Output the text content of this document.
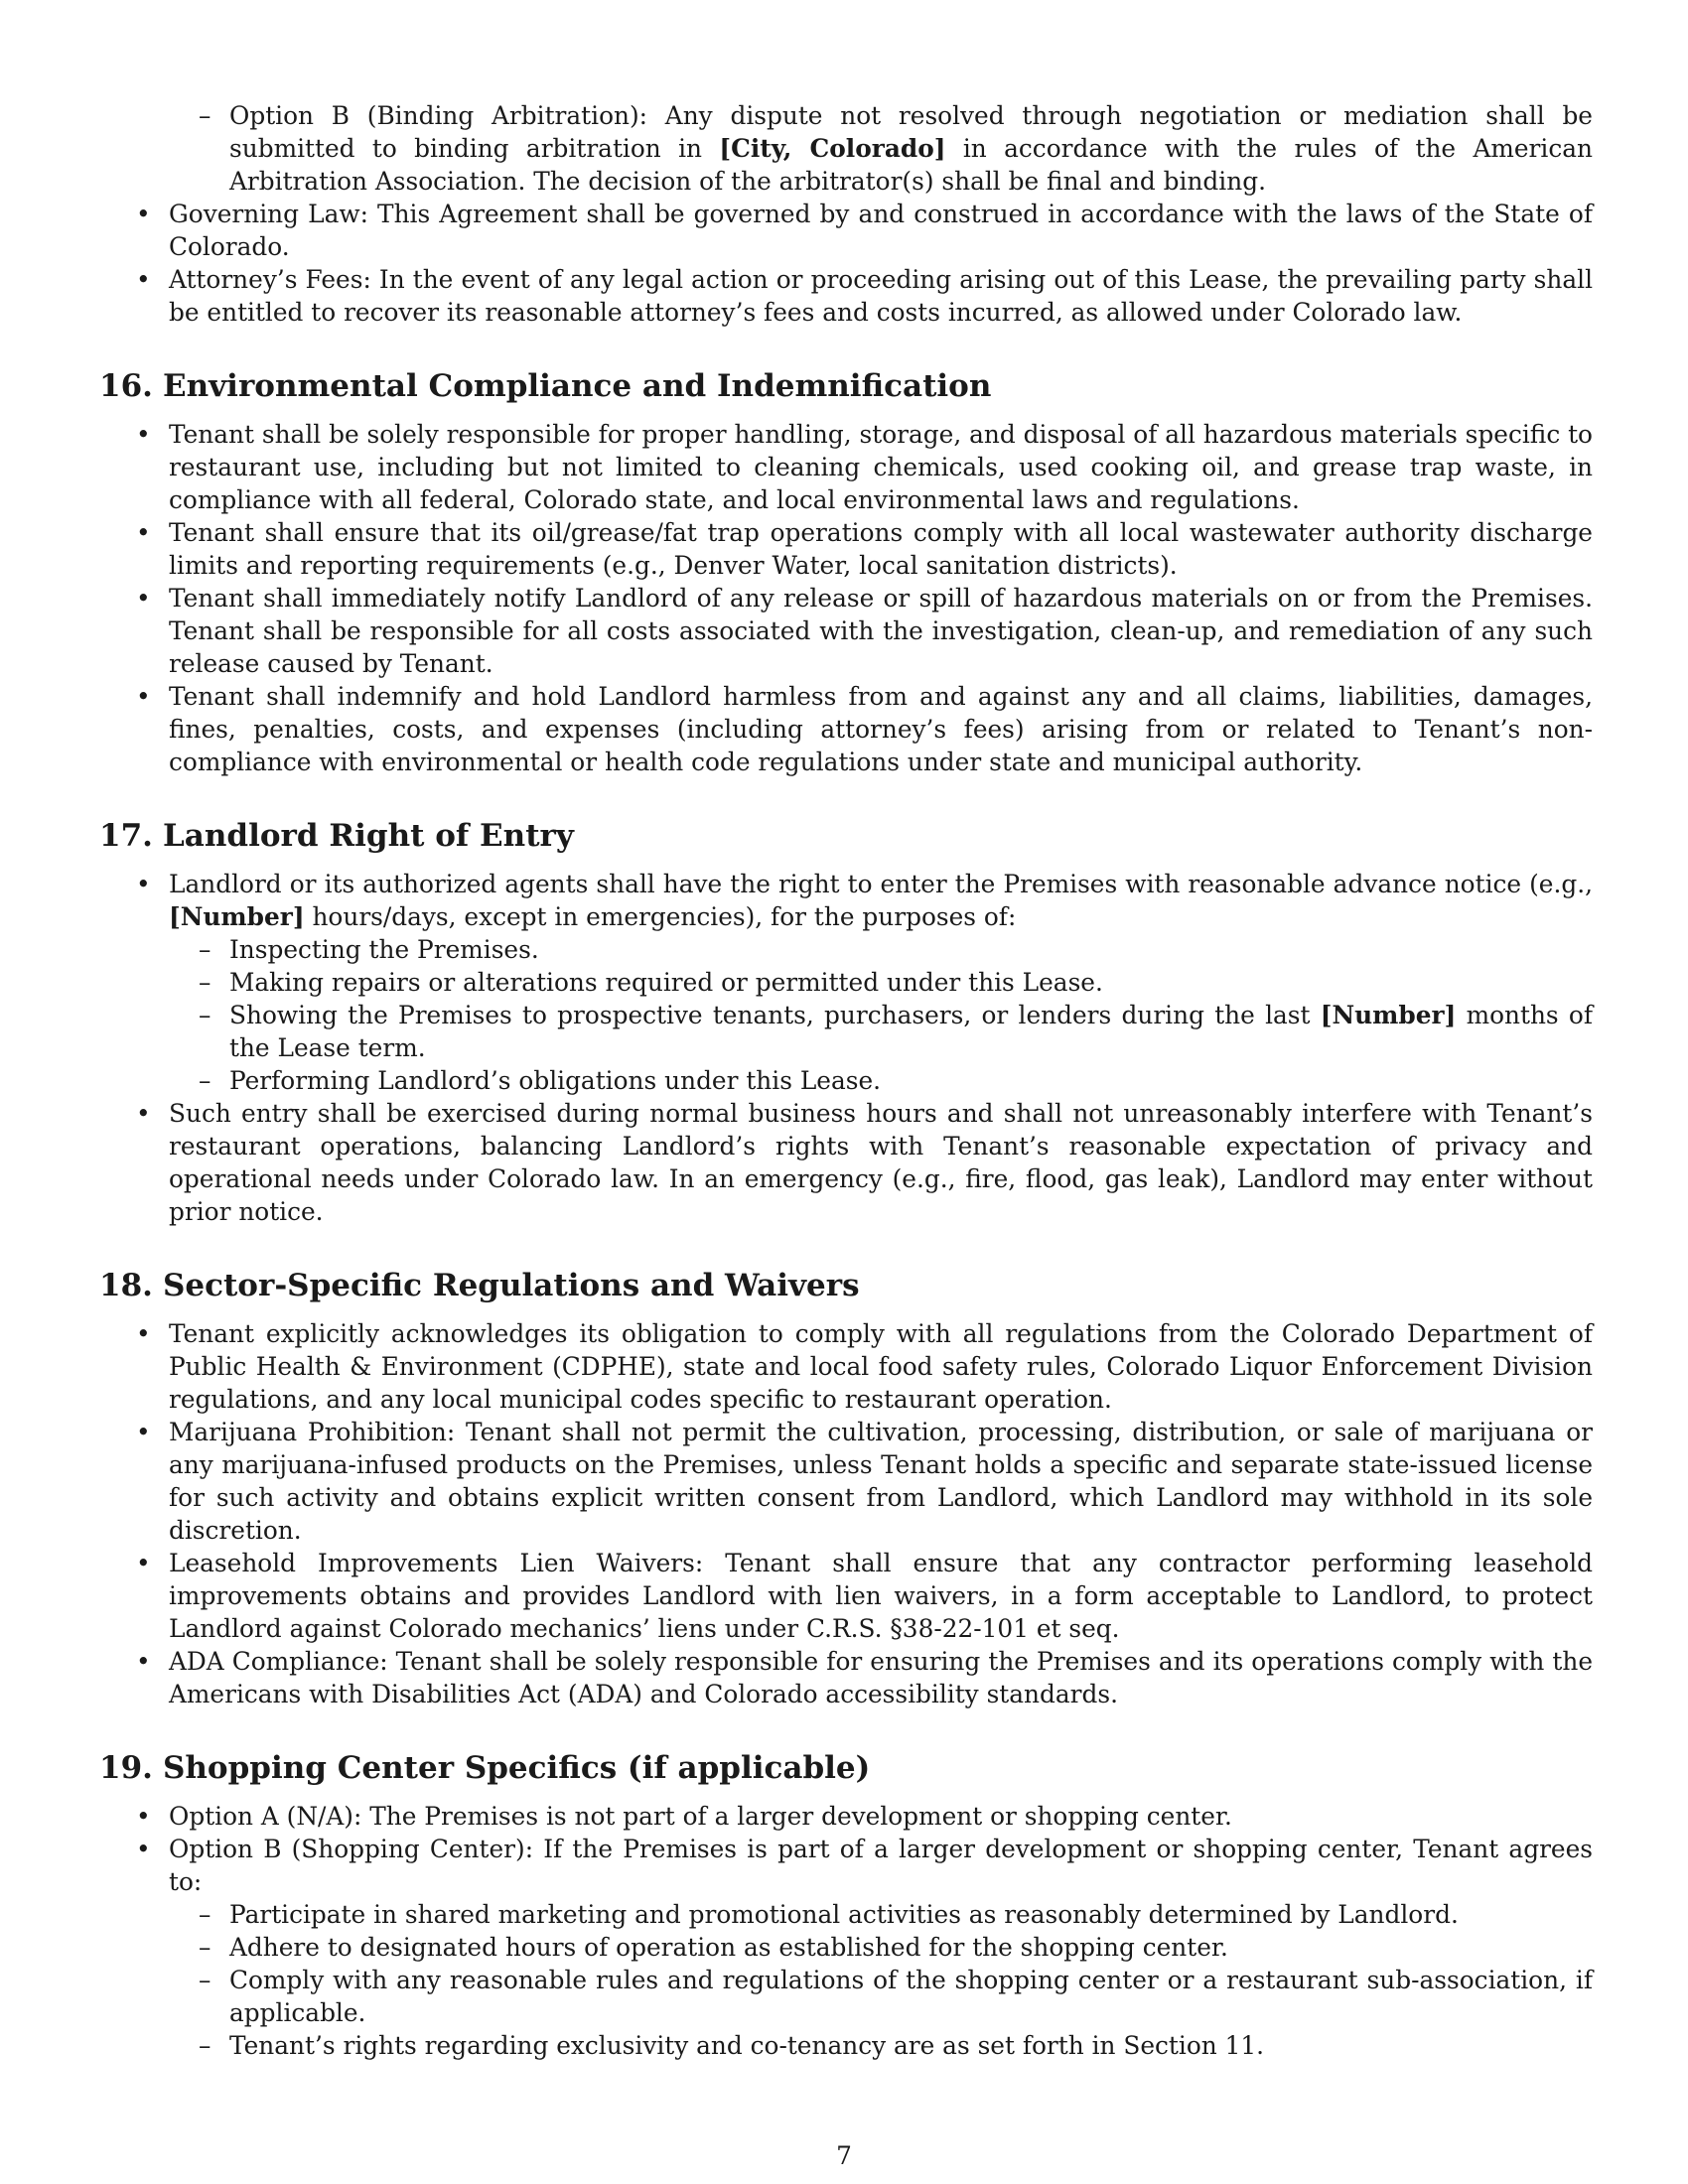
– Option B (Binding Arbitration): Any dispute not resolved through negotiation or mediation shall be submitted to binding arbitration in [City, Colorado] in accordance with the rules of the American Arbitration Association. The decision of the arbitrator(s) shall be final and binding.
• Governing Law: This Agreement shall be governed by and construed in accordance with the laws of the State of Colorado.
• Attorney’s Fees: In the event of any legal action or proceeding arising out of this Lease, the prevailing party shall be entitled to recover its reasonable attorney’s fees and costs incurred, as allowed under Colorado law.
16. Environmental Compliance and Indemnification
• Tenant shall be solely responsible for proper handling, storage, and disposal of all hazardous materials specific to restaurant use, including but not limited to cleaning chemicals, used cooking oil, and grease trap waste, in compliance with all federal, Colorado state, and local environmental laws and regulations.
• Tenant shall ensure that its oil/grease/fat trap operations comply with all local wastewater authority discharge limits and reporting requirements (e.g., Denver Water, local sanitation districts).
• Tenant shall immediately notify Landlord of any release or spill of hazardous materials on or from the Premises. Tenant shall be responsible for all costs associated with the investigation, clean-up, and remediation of any such release caused by Tenant.
• Tenant shall indemnify and hold Landlord harmless from and against any and all claims, liabilities, damages, fines, penalties, costs, and expenses (including attorney’s fees) arising from or related to Tenant’s non-compliance with environmental or health code regulations under state and municipal authority.
17. Landlord Right of Entry
• Landlord or its authorized agents shall have the right to enter the Premises with reasonable advance notice (e.g., [Number] hours/days, except in emergencies), for the purposes of:
– Inspecting the Premises.
– Making repairs or alterations required or permitted under this Lease.
– Showing the Premises to prospective tenants, purchasers, or lenders during the last [Number] months of the Lease term.
– Performing Landlord’s obligations under this Lease.
• Such entry shall be exercised during normal business hours and shall not unreasonably interfere with Tenant’s restaurant operations, balancing Landlord’s rights with Tenant’s reasonable expectation of privacy and operational needs under Colorado law. In an emergency (e.g., fire, flood, gas leak), Landlord may enter without prior notice.
18. Sector-Specific Regulations and Waivers
• Tenant explicitly acknowledges its obligation to comply with all regulations from the Colorado Department of Public Health & Environment (CDPHE), state and local food safety rules, Colorado Liquor Enforcement Division regulations, and any local municipal codes specific to restaurant operation.
• Marijuana Prohibition: Tenant shall not permit the cultivation, processing, distribution, or sale of marijuana or any marijuana-infused products on the Premises, unless Tenant holds a specific and separate state-issued license for such activity and obtains explicit written consent from Landlord, which Landlord may withhold in its sole discretion.
• Leasehold Improvements Lien Waivers: Tenant shall ensure that any contractor performing leasehold improvements obtains and provides Landlord with lien waivers, in a form acceptable to Landlord, to protect Landlord against Colorado mechanics’ liens under C.R.S. §38-22-101 et seq.
• ADA Compliance: Tenant shall be solely responsible for ensuring the Premises and its operations comply with the Americans with Disabilities Act (ADA) and Colorado accessibility standards.
19. Shopping Center Specifics (if applicable)
• Option A (N/A): The Premises is not part of a larger development or shopping center.
• Option B (Shopping Center): If the Premises is part of a larger development or shopping center, Tenant agrees to:
– Participate in shared marketing and promotional activities as reasonably determined by Landlord.
– Adhere to designated hours of operation as established for the shopping center.
– Comply with any reasonable rules and regulations of the shopping center or a restaurant sub-association, if applicable.
– Tenant’s rights regarding exclusivity and co-tenancy are as set forth in Section 11.
7
